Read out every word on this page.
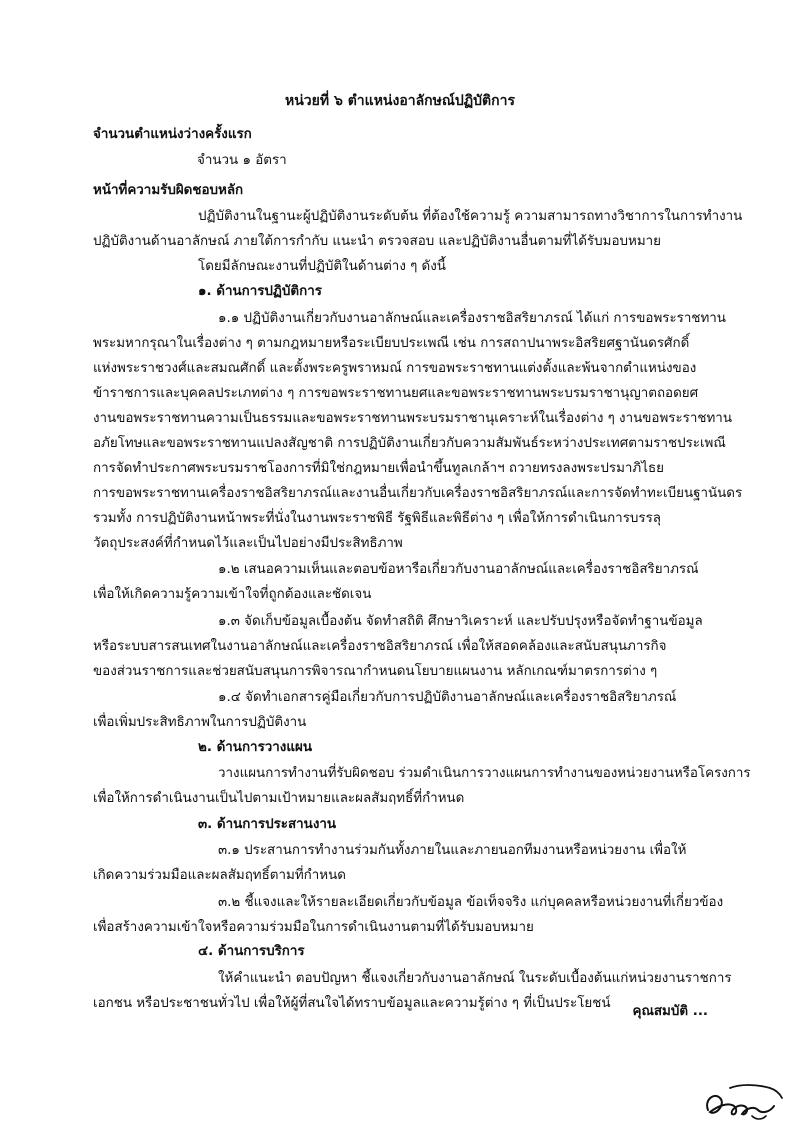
หน่วยที่ ๖ ตำแหน่งอาลักษณ์ปฏิบัติการ
จำนวนตำแหน่งว่างครั้งแรก
จำนวน ๑ อัตรา
หน้าที่ความรับผิดชอบหลัก
ปฏิบัติงานในฐานะผู้ปฏิบัติงานระดับต้น ที่ต้องใช้ความรู้ ความสามารถทางวิชาการในการทำงาน
ปฏิบัติงานด้านอาลักษณ์ ภายใต้การกำกับ แนะนำ ตรวจสอบ และปฏิบัติงานอื่นตามที่ได้รับมอบหมาย
โดยมีลักษณะงานที่ปฏิบัติในด้านต่าง ๆ ดังนี้
๑. ด้านการปฏิบัติการ
๑.๑ ปฏิบัติงานเกี่ยวกับงานอาลักษณ์และเครื่องราชอิสริยาภรณ์ ได้แก่ การขอพระราชทาน
พระมหากรุณาในเรื่องต่าง ๆ ตามกฎหมายหรือระเบียบประเพณี เช่น การสถาปนาพระอิสริยศฐานันดรศักดิ์
แห่งพระราชวงศ์และสมณศักดิ์ และตั้งพระครูพราหมณ์ การขอพระราชทานแต่งตั้งและพ้นจากตำแหน่งของ
ข้าราชการและบุคคลประเภทต่าง ๆ การขอพระราชทานยศและขอพระราชทานพระบรมราชานุญาตถอดยศ
งานขอพระราชทานความเป็นธรรมและขอพระราชทานพระบรมราชานุเคราะห์ในเรื่องต่าง ๆ งานขอพระราชทาน
อภัยโทษและขอพระราชทานแปลงสัญชาติ การปฏิบัติงานเกี่ยวกับความสัมพันธ์ระหว่างประเทศตามราชประเพณี
การจัดทำประกาศพระบรมราชโองการที่มิใช่กฎหมายเพื่อนำขึ้นทูลเกล้าฯ ถวายทรงลงพระปรมาภิไธย
การขอพระราชทานเครื่องราชอิสริยาภรณ์และงานอื่นเกี่ยวกับเครื่องราชอิสริยาภรณ์และการจัดทำทะเบียนฐานันดร
รวมทั้ง การปฏิบัติงานหน้าพระที่นั่งในงานพระราชพิธี รัฐพิธีและพิธีต่าง ๆ เพื่อให้การดำเนินการบรรลุ
วัตถุประสงค์ที่กำหนดไว้และเป็นไปอย่างมีประสิทธิภาพ
๑.๒ เสนอความเห็นและตอบข้อหารือเกี่ยวกับงานอาลักษณ์และเครื่องราชอิสริยาภรณ์
เพื่อให้เกิดความรู้ความเข้าใจที่ถูกต้องและชัดเจน
๑.๓ จัดเก็บข้อมูลเบื้องต้น จัดทำสถิติ ศึกษาวิเคราะห์ และปรับปรุงหรือจัดทำฐานข้อมูล
หรือระบบสารสนเทศในงานอาลักษณ์และเครื่องราชอิสริยาภรณ์ เพื่อให้สอดคล้องและสนับสนุนภารกิจ
ของส่วนราชการและช่วยสนับสนุนการพิจารณากำหนดนโยบายแผนงาน หลักเกณฑ์มาตรการต่าง ๆ
๑.๔ จัดทำเอกสารคู่มือเกี่ยวกับการปฏิบัติงานอาลักษณ์และเครื่องราชอิสริยาภรณ์
เพื่อเพิ่มประสิทธิภาพในการปฏิบัติงาน
๒. ด้านการวางแผน
วางแผนการทำงานที่รับผิดชอบ ร่วมดำเนินการวางแผนการทำงานของหน่วยงานหรือโครงการ
เพื่อให้การดำเนินงานเป็นไปตามเป้าหมายและผลสัมฤทธิ์ที่กำหนด
๓. ด้านการประสานงาน
๓.๑ ประสานการทำงานร่วมกันทั้งภายในและภายนอกทีมงานหรือหน่วยงาน เพื่อให้
เกิดความร่วมมือและผลสัมฤทธิ์ตามที่กำหนด
๓.๒ ชี้แจงและให้รายละเอียดเกี่ยวกับข้อมูล ข้อเท็จจริง แก่บุคคลหรือหน่วยงานที่เกี่ยวข้อง
เพื่อสร้างความเข้าใจหรือความร่วมมือในการดำเนินงานตามที่ได้รับมอบหมาย
๔. ด้านการบริการ
ให้คำแนะนำ ตอบปัญหา ชี้แจงเกี่ยวกับงานอาลักษณ์ ในระดับเบื้องต้นแก่หน่วยงานราชการ
เอกชน หรือประชาชนทั่วไป เพื่อให้ผู้ที่สนใจได้ทราบข้อมูลและความรู้ต่าง ๆ ที่เป็นประโยชน์
คุณสมบัติ ...
